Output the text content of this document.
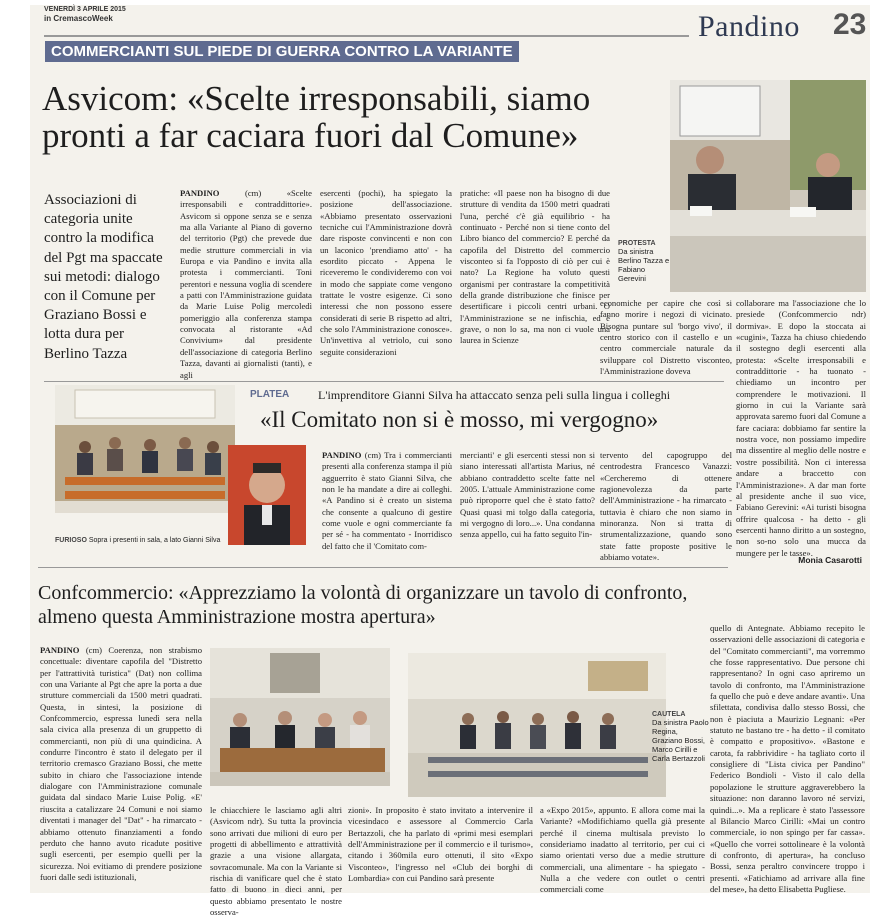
VENERDÌ 3 APRILE 2015
in CremascoWeek	Pandino 23
COMMERCIANTI SUL PIEDE DI GUERRA CONTRO LA VARIANTE
Asvicom: «Scelte irresponsabili, siamo pronti a far caciara fuori dal Comune»
PROTESTA
Da sinistra Berlino Tazza e Fabiano Gerevini
Associazioni di categoria unite contro la modifica del Pgt ma spaccate sui metodi: dialogo con il Comune per Graziano Bossi e lotta dura per Berlino Tazza
PANDINO (cm) «Scelte irresponsabili e contraddittorie». Asvicom si oppone senza se e senza ma alla Variante al Piano di governo del territorio (Pgt) che prevede due medie strutture commerciali in via Europa e via Pandino e invita alla protesta i commercianti. Toni perentori e nessuna voglia di scendere a patti con l'Amministrazione guidata da Marie Luise Polig mercoledì pomeriggio alla conferenza stampa convocata al ristorante «Ad Convivium» dal presidente dell'associazione di categoria Berlino Tazza, davanti ai giornalisti (tanti), e agli
esercenti (pochi), ha spiegato la posizione dell'associazione. «Abbiamo presentato osservazioni tecniche cui l'Amministrazione dovrà dare risposte convincenti e non con un laconico 'prendiamo atto' - ha esordito piccato - Appena le riceveremo le condivideremo con voi in modo che sappiate come vengono trattate le vostre esigenze. Ci sono interessi che non possono essere considerati di serie B rispetto ad altri, che solo l'Amministrazione conosce». Un'invettiva al vetriolo, cui sono seguite considerazioni
pratiche: «Il paese non ha bisogno di due strutture di vendita da 1500 metri quadrati l'una, perché c'è già equilibrio - ha continuato - Perché non si tiene conto del Libro bianco del commercio? E perché da capofila del Distretto del commercio visconteo si fa l'opposto di ciò per cui è nato? La Regione ha voluto questi organismi per contrastare la competitività della grande distribuzione che finisce per desertificare i piccoli centri urbani. O l'Amministrazione se ne infischia, ed è grave, o non lo sa, ma non ci vuole una laurea in Scienze
economiche per capire che così si fanno morire i negozi di vicinato. Bisogna puntare sul 'borgo vivo', il centro storico con il castello e un centro commerciale naturale da sviluppare col Distretto visconteo, l'Amministrazione doveva
collaborare ma l'associazione che lo presiede (Confcommercio ndr) dormiva». E dopo la stoccata ai «cugini», Tazza ha chiuso chiedendo il sostegno degli esercenti alla protesta: «Scelte irresponsabili e contraddittorie - ha tuonato - chiediamo un incontro per comprendere le motivazioni. Il giorno in cui la Variante sarà approvata saremo fuori dal Comune a fare caciara: dobbiamo far sentire la nostra voce, non possiamo impedire ma dissentire al meglio delle nostre e vostre possibilità. Non ci interessa andare a braccetto con l'Amministrazione». A dar man forte al presidente anche il suo vice, Fabiano Gerevini: «Ai turisti bisogna offrire qualcosa - ha detto - gli esercenti hanno diritto a un sostegno, non so-no solo una mucca da mungere per le tasse».
Monia Casarotti
PLATEA L'imprenditore Gianni Silva ha attaccato senza peli sulla lingua i colleghi
«Il Comitato non si è mosso, mi vergogno»
FURIOSO Sopra i presenti in sala, a lato Gianni Silva
PANDINO (cm) Tra i commercianti presenti alla conferenza stampa il più agguerrito è stato Gianni Silva, che non le ha mandate a dire ai colleghi. «A Pandino si è creato un sistema che consente a qualcuno di gestire come vuole e ogni commerciante fa per sé - ha commentato - Inorridisco del fatto che il 'Comitato com-
mercianti' e gli esercenti stessi non si siano interessati all'artista Marius, né abbiano contraddetto scelte fatte nel 2005. L'attuale Amministrazione come può riproporre quel che è stato fatto? Quasi quasi mi tolgo dalla categoria, mi vergogno di loro...». Una condanna senza appello, cui ha fatto seguito l'in-
tervento del capogruppo del centrodestra Francesco Vanazzi: «Cercheremo di ottenere ragionevolezza da parte dell'Amministrazione - ha rimarcato - tuttavia è chiaro che non siamo in minoranza. Non si tratta di strumentalizzazione, quando sono state fatte proposte positive le abbiamo votate».
Confcommercio: «Apprezziamo la volontà di organizzare un tavolo di confronto, almeno questa Amministrazione mostra apertura»
PANDINO (cm) Coerenza, non strabismo concettuale: diventare capofila del "Distretto per l'attrattività turistica" (Dat) non collima con una Variante al Pgt che apre la porta a due strutture commerciali da 1500 metri quadrati. Questa, in sintesi, la posizione di Confcommercio, espressa lunedì sera nella sala civica alla presenza di un gruppetto di commercianti, non più di una quindicina. A condurre l'incontro è stato il delegato per il territorio cremasco Graziano Bossi, che mette subito in chiaro che l'associazione intende dialogare con l'Amministrazione comunale guidata dal sindaco Marie Luise Polig. «E' riuscita a catalizzare 24 Comuni e noi siamo diventati i manager del "Dat" - ha rimarcato - abbiamo ottenuto finanziamenti a fondo perduto che hanno avuto ricadute positive sugli esercenti, per esempio quelli per la sicurezza. Noi evitiamo di prendere posizione fuori dalle sedi istituzionali,
CAUTELA
Da sinistra Paolo Regina, Graziano Bossi, Marco Cirilli e Carla Bertazzoli
le chiacchiere le lasciamo agli altri (Asvicom ndr). Su tutta la provincia sono arrivati due milioni di euro per progetti di abbellimento e attrattività grazie a una visione allargata, sovracomunale. Ma con la Variante si rischia di vanificare quel che è stato fatto di buono in dieci anni, per questo abbiamo presentato le nostre osserva-
zioni». In proposito è stato invitato a intervenire il vicesindaco e assessore al Commercio Carla Bertazzoli, che ha parlato di «primi mesi esemplari dell'Amministrazione per il commercio e il turismo», citando i 360mila euro ottenuti, il sito «Expo Visconteo», l'ingresso nel «Club dei borghi di Lombardia» con cui Pandino sarà presente
a «Expo 2015», appunto. E allora come mai la Variante? «Modifichiamo quella già presente perché il cinema multisala previsto lo consideriamo inadatto al territorio, per cui ci siamo orientati verso due a medie strutture commerciali, una alimentare - ha spiegato - Nulla a che vedere con outlet o centri commerciali come
quello di Antegnate. Abbiamo recepito le osservazioni delle associazioni di categoria e del "Comitato commercianti", ma vorremmo che fosse rappresentativo. Due persone chi rappresentano? In ogni caso apriremo un tavolo di confronto, ma l'Amministrazione fa quello che può e deve andare avanti». Una sfilettata, condivisa dallo stesso Bossi, che non è piaciuta a Maurizio Legnani: «Per statuto ne bastano tre - ha detto - il comitato è compatto e propositivo». «Bastone e carota, fa rabbrividire - ha tagliato corto il consigliere di "Lista civica per Pandino" Federico Bondioli - Visto il calo della popolazione le strutture aggraverebbero la situazione: non daranno lavoro né servizi, quindi...». Ma a replicare è stato l'assessore al Bilancio Marco Cirilli: «Mai un contro commerciale, io non spingo per far cassa». «Quello che vorrei sottolineare è la volontà di confronto, di apertura», ha concluso Bossi, senza peraltro convincere troppo i presenti. «Fatichiamo ad arrivare alla fine del mese», ha detto Elisabetta Pugliese.
